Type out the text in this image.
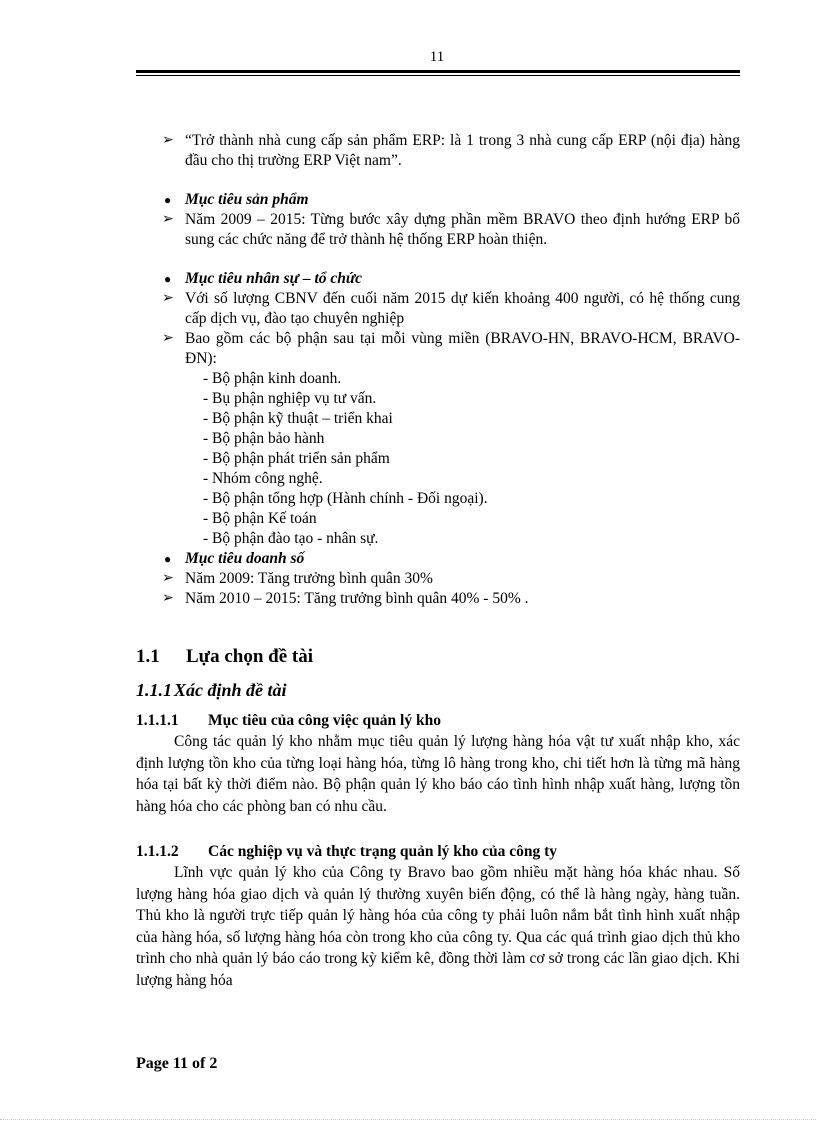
11
➢ “Trở thành nhà cung cấp sản phẩm ERP: là 1 trong 3 nhà cung cấp ERP (nội địa) hàng đầu cho thị trường ERP Việt nam”.
● Mục tiêu sản phẩm
➢ Năm 2009 – 2015: Từng bước xây dựng phần mềm BRAVO theo định hướng ERP bổ sung các chức năng để trở thành hệ thống ERP hoàn thiện.
● Mục tiêu nhân sự – tổ chức
➢ Với số lượng CBNV đến cuối năm 2015 dự kiến khoảng 400 người, có hệ thống cung cấp dịch vụ, đào tạo chuyên nghiệp
➢ Bao gồm các bộ phận sau tại mỗi vùng miền (BRAVO-HN, BRAVO-HCM, BRAVO-ĐN):
- Bộ phận kinh doanh.
- Bụ phận nghiệp vụ tư vấn.
- Bộ phận kỹ thuật – triển khai
- Bộ phận bảo hành
- Bộ phận phát triển sản phẩm
- Nhóm công nghệ.
- Bộ phận tổng hợp (Hành chính - Đối ngoại).
- Bộ phận Kế toán
- Bộ phận đào tạo - nhân sự.
● Mục tiêu doanh số
➢ Năm 2009: Tăng trưởng bình quân 30%
➢ Năm 2010 – 2015: Tăng trưởng bình quân 40% - 50% .
1.1 Lựa chọn đề tài
1.1.1 Xác định đề tài
1.1.1.1 Mục tiêu của công việc quản lý kho
Công tác quản lý kho nhằm mục tiêu quản lý lượng hàng hóa vật tư xuất nhập kho, xác định lượng tồn kho của từng loại hàng hóa, từng lô hàng trong kho, chi tiết hơn là từng mã hàng hóa tại bất kỳ thời điểm nào. Bộ phận quản lý kho báo cáo tình hình nhập xuất hàng, lượng tồn hàng hóa cho các phòng ban có nhu cầu.
1.1.1.2 Các nghiệp vụ và thực trạng quản lý kho của công ty
Lĩnh vực quản lý kho của Công ty Bravo bao gồm nhiều mặt hàng hóa khác nhau. Số lượng hàng hóa giao dịch và quản lý thường xuyên biến động, có thể là hàng ngày, hàng tuần. Thủ kho là người trực tiếp quản lý hàng hóa của công ty phải luôn nắm bắt tình hình xuất nhập của hàng hóa, số lượng hàng hóa còn trong kho của công ty. Qua các quá trình giao dịch thủ kho trình cho nhà quản lý báo cáo trong kỳ kiểm kê, đồng thời làm cơ sở trong các lần giao dịch. Khi lượng hàng hóa
Page 11 of 2
